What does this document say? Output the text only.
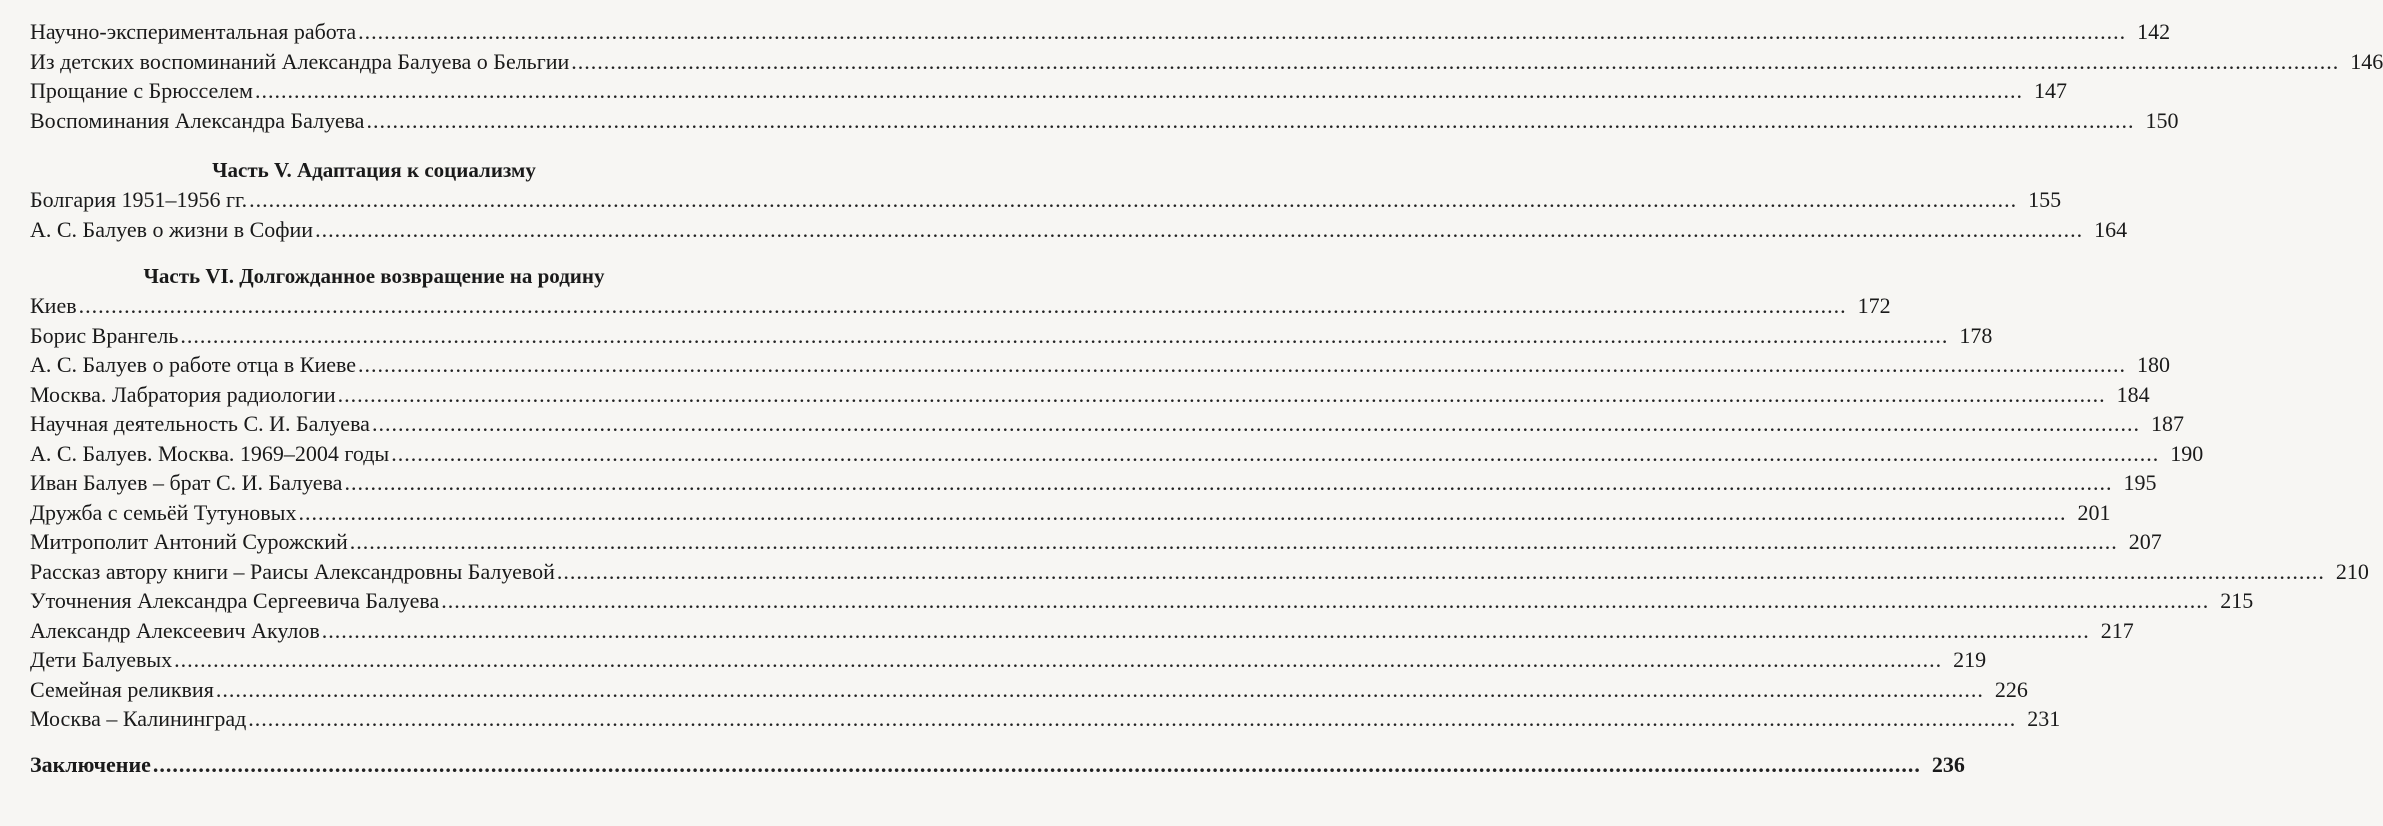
Научно-экспериментальная работа .....	142
Из детских воспоминаний Александра Балуева о Бельгии .....	146
Прощание с Брюсселем .....	147
Воспоминания Александра Балуева .....	150
Часть V. Адаптация к социализму
Болгария 1951–1956 гг. .....	155
А. С. Балуев о жизни в Софии .....	164
Часть VI. Долгожданное возвращение на родину
Киев .....	172
Борис Врангель .....	178
А. С. Балуев о работе отца в Киеве .....	180
Москва. Лабратория радиологии .....	184
Научная деятельность С. И. Балуева .....	187
А. С. Балуев. Москва. 1969–2004 годы .....	190
Иван Балуев – брат С. И. Балуева .....	195
Дружба с семьёй Тутуновых .....	201
Митрополит Антоний Сурожский .....	207
Рассказ автору книги – Раисы Александровны Балуевой .....	210
Уточнения Александра Сергеевича Балуева .....	215
Александр Алексеевич Акулов .....	217
Дети Балуевых .....	219
Семейная реликвия .....	226
Москва – Калининград .....	231
Заключение .....	236
